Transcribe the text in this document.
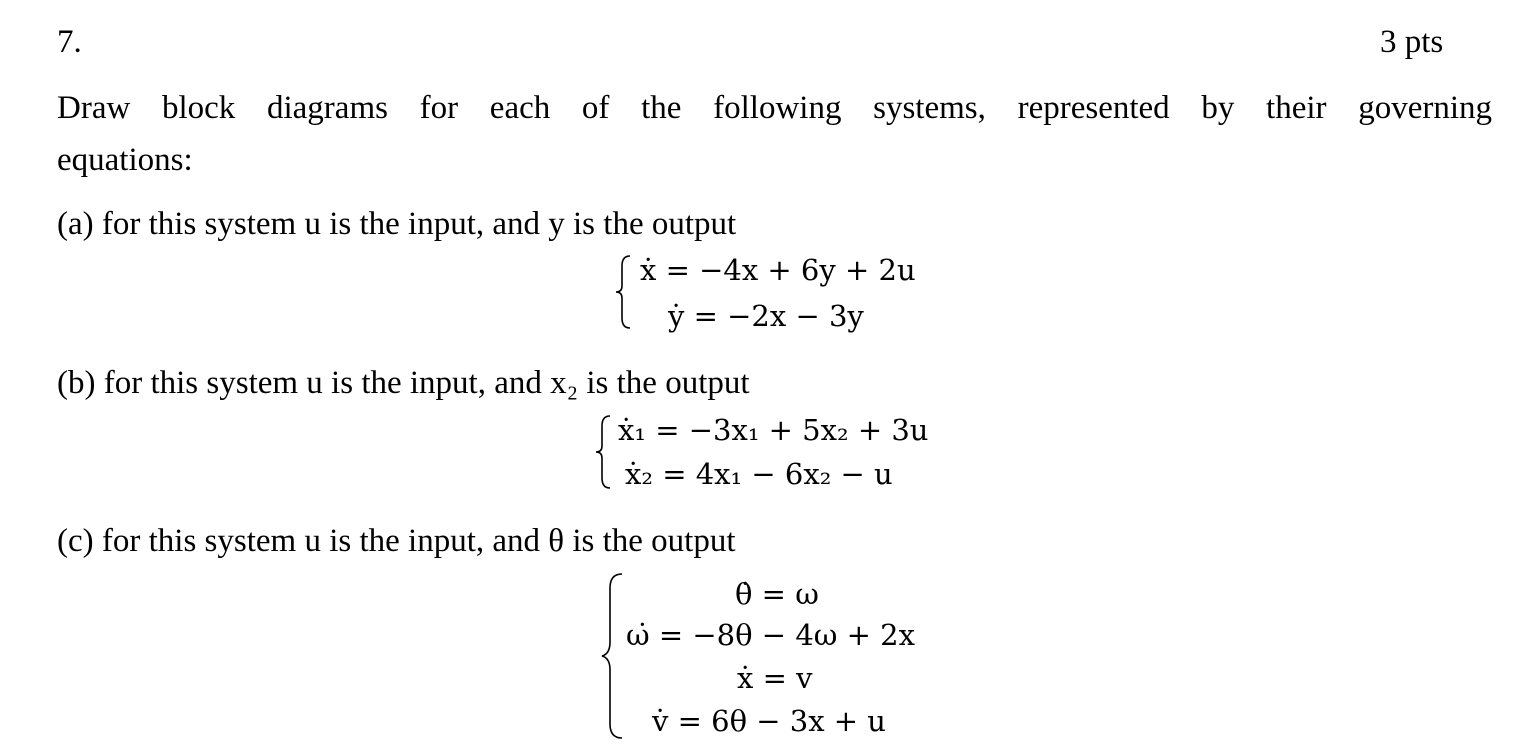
7.	3 pts
Draw block diagrams for each of the following systems, represented by their governing
equations:
(a) for this system u is the input, and y is the output
ẋ = −4x + 6y + 2u
ẏ = −2x − 3y
(b) for this system u is the input, and x₂ is the output
ẋ₁ = −3x₁ + 5x₂ + 3u
ẋ₂ = 4x₁ − 6x₂ − u
(c) for this system u is the input, and θ is the output
θ̇ = ω
ω̇ = −8θ − 4ω + 2x
ẋ = v
v̇ = 6θ − 3x + u
